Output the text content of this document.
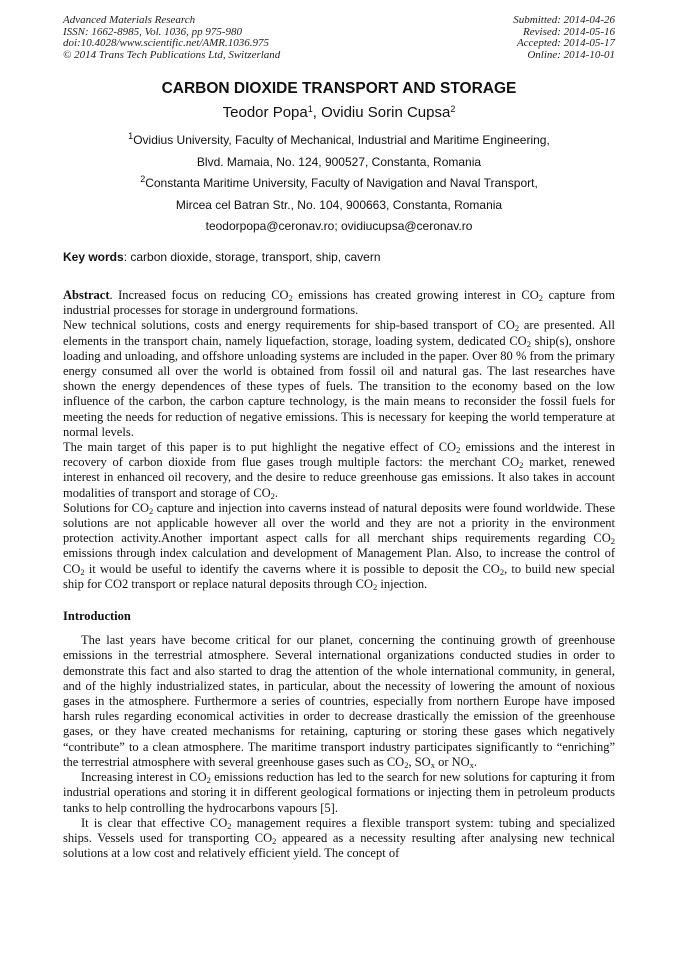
Advanced Materials Research
ISSN: 1662-8985, Vol. 1036, pp 975-980
doi:10.4028/www.scientific.net/AMR.1036.975
© 2014 Trans Tech Publications Ltd, Switzerland
Submitted: 2014-04-26
Revised: 2014-05-16
Accepted: 2014-05-17
Online: 2014-10-01
CARBON DIOXIDE TRANSPORT AND STORAGE
Teodor Popa$^1$, Ovidiu Sorin Cupsa$^2$
$^1$Ovidius University, Faculty of Mechanical, Industrial and Maritime Engineering,
Blvd. Mamaia, No. 124, 900527, Constanta, Romania
$^2$Constanta Maritime University, Faculty of Navigation and Naval Transport,
Mircea cel Batran Str., No. 104, 900663, Constanta, Romania
teodorpopa@ceronav.ro; ovidiucupsa@ceronav.ro
Key words: carbon dioxide, storage, transport, ship, cavern

Abstract. Increased focus on reducing $CO_2$ emissions has created growing interest in $CO_2$ capture from industrial processes for storage in underground formations.

New technical solutions, costs and energy requirements for ship-based transport of $CO_2$ are presented. All elements in the transport chain, namely liquefaction, storage, loading system, dedicated $CO_2$ ship(s), onshore loading and unloading, and offshore unloading systems are included in the paper. Over 80 % from the primary energy consumed all over the world is obtained from fossil oil and natural gas. The last researches have shown the energy dependences of these types of fuels. The transition to the economy based on the low influence of the carbon, the carbon capture technology, is the main means to reconsider the fossil fuels for meeting the needs for reduction of negative emissions. This is necessary for keeping the world temperature at normal levels.

The main target of this paper is to put highlight the negative effect of $CO_2$ emissions and the interest in recovery of carbon dioxide from flue gases trough multiple factors: the merchant $CO_2$ market, renewed interest in enhanced oil recovery, and the desire to reduce greenhouse gas emissions. It also takes in account modalities of transport and storage of $CO_2$.

Solutions for $CO_2$ capture and injection into caverns instead of natural deposits were found worldwide. These solutions are not applicable however all over the world and they are not a priority in the environment protection activity.Another important aspect calls for all merchant ships requirements regarding $CO_2$ emissions through index calculation and development of Management Plan. Also, to increase the control of $CO_2$ it would be useful to identify the caverns where it is possible to deposit the $CO_2$, to build new special ship for CO2 transport or replace natural deposits through $CO_2$ injection.

Introduction

The last years have become critical for our planet, concerning the continuing growth of greenhouse emissions in the terrestrial atmosphere. Several international organizations conducted studies in order to demonstrate this fact and also started to drag the attention of the whole international community, in general, and of the highly industrialized states, in particular, about the necessity of lowering the amount of noxious gases in the atmosphere. Furthermore a series of countries, especially from northern Europe have imposed harsh rules regarding economical activities in order to decrease drastically the emission of the greenhouse gases, or they have created mechanisms for retaining, capturing or storing these gases which negatively “contribute” to a clean atmosphere. The maritime transport industry participates significantly to “enriching” the terrestrial atmosphere with several greenhouse gases such as $CO_2$, $SO_x$ or $NO_x$.

Increasing interest in $CO_2$ emissions reduction has led to the search for new solutions for capturing it from industrial operations and storing it in different geological formations or injecting them in petroleum products tanks to help controlling the hydrocarbons vapours [5].

It is clear that effective $CO_2$ management requires a flexible transport system: tubing and specialized ships. Vessels used for transporting $CO_2$ appeared as a necessity resulting after analysing new technical solutions at a low cost and relatively efficient yield. The concept of
